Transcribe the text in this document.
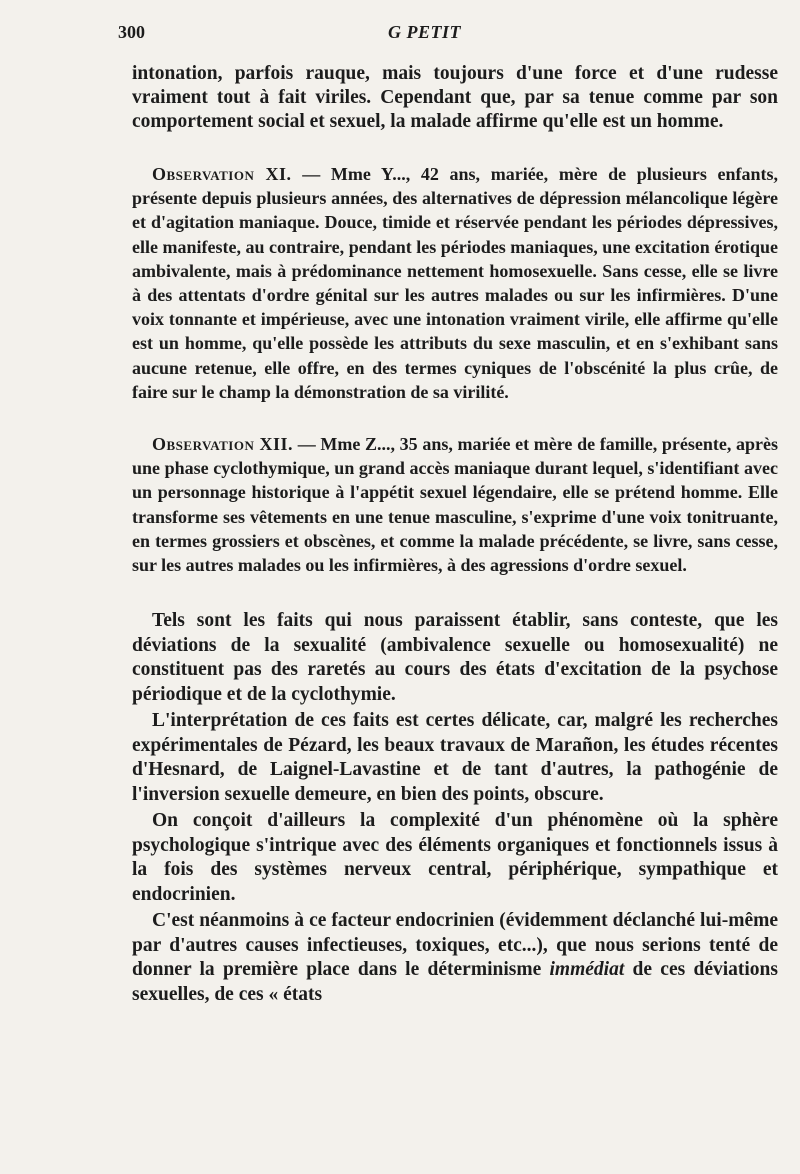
300	G PETIT

intonation, parfois rauque, mais toujours d'une force et d'une rudesse vraiment tout à fait viriles. Cependant que, par sa tenue comme par son comportement social et sexuel, la malade affirme qu'elle est un homme.

Observation XI. — Mme Y..., 42 ans, mariée, mère de plusieurs enfants, présente depuis plusieurs années, des alternatives de dépression mélancolique légère et d'agitation maniaque. Douce, timide et réservée pendant les périodes dépressives, elle manifeste, au contraire, pendant les périodes maniaques, une excitation érotique ambivalente, mais à prédominance nettement homosexuelle. Sans cesse, elle se livre à des attentats d'ordre génital sur les autres malades ou sur les infirmières. D'une voix tonnante et impérieuse, avec une intonation vraiment virile, elle affirme qu'elle est un homme, qu'elle possède les attributs du sexe masculin, et en s'exhibant sans aucune retenue, elle offre, en des termes cyniques de l'obscénité la plus crûe, de faire sur le champ la démonstration de sa virilité.

Observation XII. — Mme Z..., 35 ans, mariée et mère de famille, présente, après une phase cyclothymique, un grand accès maniaque durant lequel, s'identifiant avec un personnage historique à l'appétit sexuel légendaire, elle se prétend homme. Elle transforme ses vêtements en une tenue masculine, s'exprime d'une voix tonitruante, en termes grossiers et obscènes, et comme la malade précédente, se livre, sans cesse, sur les autres malades ou les infirmières, à des agressions d'ordre sexuel.

Tels sont les faits qui nous paraissent établir, sans conteste, que les déviations de la sexualité (ambivalence sexuelle ou homosexualité) ne constituent pas des raretés au cours des états d'excitation de la psychose périodique et de la cyclothymie.

L'interprétation de ces faits est certes délicate, car, malgré les recherches expérimentales de Pézard, les beaux travaux de Marañon, les études récentes d'Hesnard, de Laignel-Lavastine et de tant d'autres, la pathogénie de l'inversion sexuelle demeure, en bien des points, obscure.

On conçoit d'ailleurs la complexité d'un phénomène où la sphère psychologique s'intrique avec des éléments organiques et fonctionnels issus à la fois des systèmes nerveux central, périphérique, sympathique et endocrinien.

C'est néanmoins à ce facteur endocrinien (évidemment déclanché lui-même par d'autres causes infectieuses, toxiques, etc...), que nous serions tenté de donner la première place dans le déterminisme immédiat de ces déviations sexuelles, de ces « états
